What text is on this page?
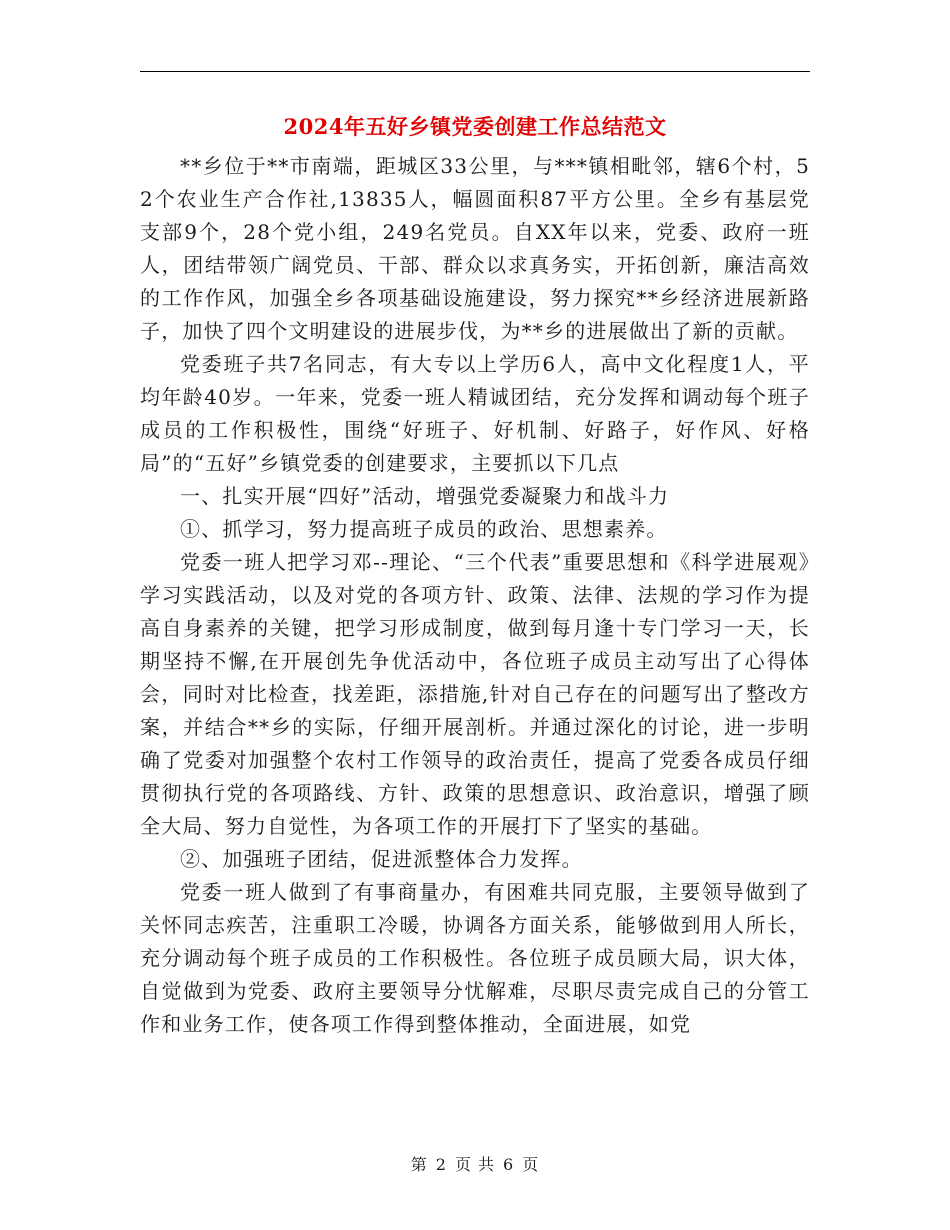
2024年五好乡镇党委创建工作总结范文

**乡位于**市南端，距城区33公里，与***镇相毗邻，辖6个村，52个农业生产合作社,13835人，幅圆面积87平方公里。全乡有基层党支部9个，28个党小组，249名党员。自XX年以来，党委、政府一班人，团结带领广阔党员、干部、群众以求真务实，开拓创新，廉洁高效的工作作风，加强全乡各项基础设施建设，努力探究**乡经济进展新路子，加快了四个文明建设的进展步伐，为**乡的进展做出了新的贡献。

党委班子共7名同志，有大专以上学历6人，高中文化程度1人，平均年龄40岁。一年来，党委一班人精诚团结，充分发挥和调动每个班子成员的工作积极性，围绕“好班子、好机制、好路子，好作风、好格局”的“五好”乡镇党委的创建要求，主要抓以下几点

一、扎实开展“四好”活动，增强党委凝聚力和战斗力

①、抓学习，努力提高班子成员的政治、思想素养。

党委一班人把学习邓--理论、“三个代表”重要思想和《科学进展观》学习实践活动，以及对党的各项方针、政策、法律、法规的学习作为提高自身素养的关键，把学习形成制度，做到每月逢十专门学习一天，长期坚持不懈,在开展创先争优活动中，各位班子成员主动写出了心得体会，同时对比检查，找差距，添措施,针对自己存在的问题写出了整改方案，并结合**乡的实际，仔细开展剖析。并通过深化的讨论，进一步明确了党委对加强整个农村工作领导的政治责任，提高了党委各成员仔细贯彻执行党的各项路线、方针、政策的思想意识、政治意识，增强了顾全大局、努力自觉性，为各项工作的开展打下了坚实的基础。

②、加强班子团结，促进派整体合力发挥。

党委一班人做到了有事商量办，有困难共同克服，主要领导做到了关怀同志疾苦，注重职工冷暖，协调各方面关系，能够做到用人所长，充分调动每个班子成员的工作积极性。各位班子成员顾大局，识大体，自觉做到为党委、政府主要领导分忧解难，尽职尽责完成自己的分管工作和业务工作，使各项工作得到整体推动，全面进展，如党

第 2 页 共 6 页
